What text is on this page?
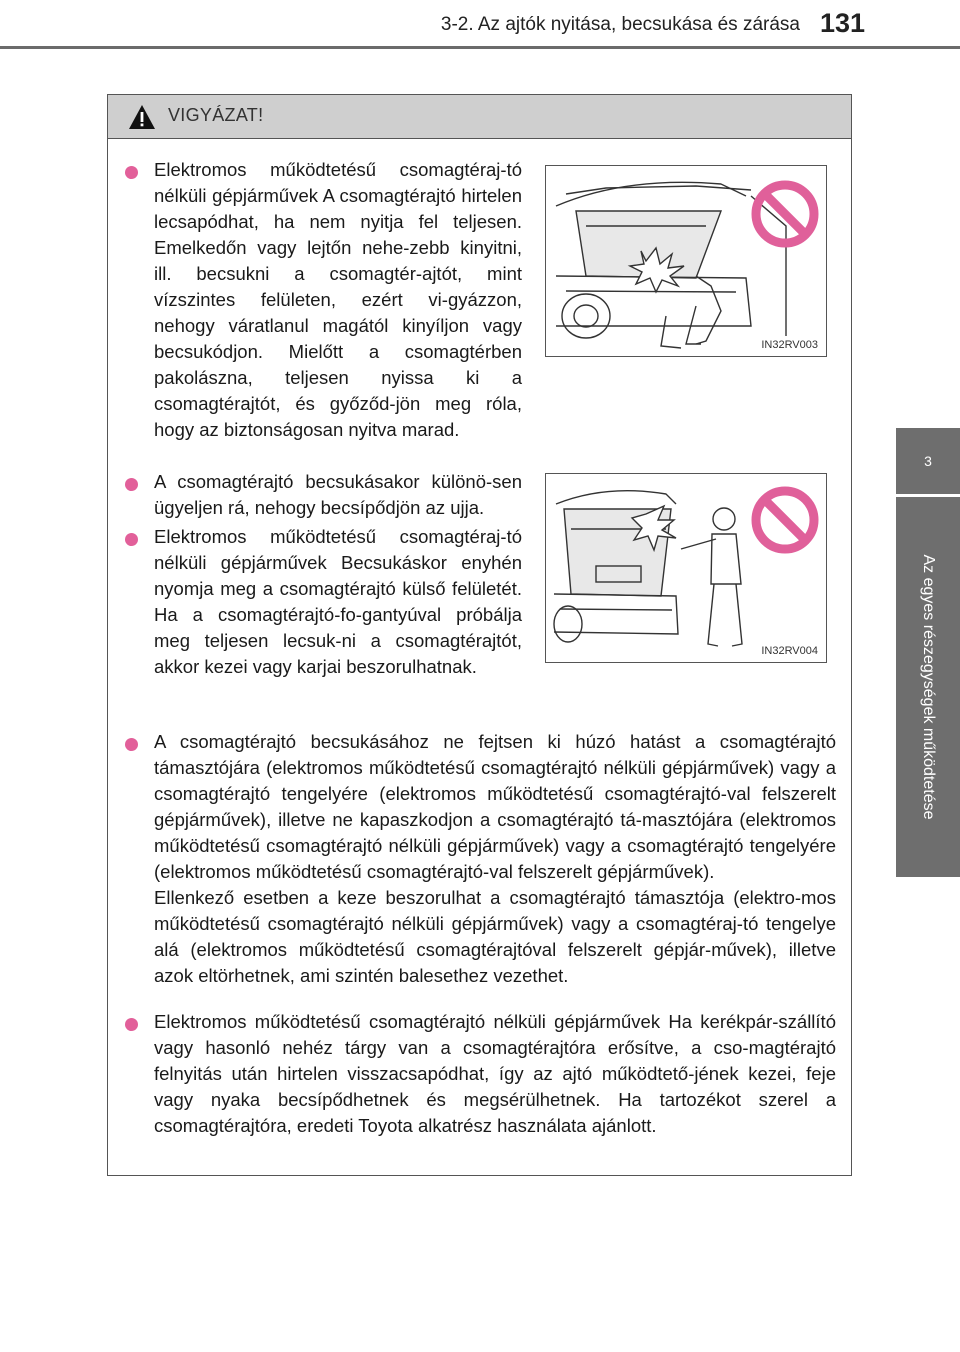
3-2. Az ajtók nyitása, becsukása és zárása 131
3
Az egyes részegységek működtetése
VIGYÁZAT!
Elektromos működtetésű csomagtéraj-tó nélküli gépjárművek A csomagtérajtó hirtelen lecsapódhat, ha nem nyitja fel teljesen. Emelkedőn vagy lejtőn nehe-zebb kinyitni, ill. becsukni a csomagtér-ajtót, mint vízszintes felületen, ezért vi-gyázzon, nehogy váratlanul magától kinyíljon vagy becsukódjon. Mielőtt a csomagtérben pakolászna, teljesen nyissa ki a csomagtérajtót, és győződ-jön meg róla, hogy az biztonságosan nyitva marad.
IN32RV003
A csomagtérajtó becsukásakor különö-sen ügyeljen rá, nehogy becsípődjön az ujja.
IN32RV004
Elektromos működtetésű csomagtéraj-tó nélküli gépjárművek Becsukáskor enyhén nyomja meg a csomagtérajtó külső felületét. Ha a csomagtérajtó-fo-gantyúval próbálja meg teljesen lecsuk-ni a csomagtérajtót, akkor kezei vagy karjai beszorulhatnak.
A csomagtérajtó becsukásához ne fejtsen ki húzó hatást a csomagtérajtó támasztójára (elektromos működtetésű csomagtérajtó nélküli gépjárművek) vagy a csomagtérajtó tengelyére (elektromos működtetésű csomagtérajtó-val felszerelt gépjárművek), illetve ne kapaszkodjon a csomagtérajtó tá-masztójára (elektromos működtetésű csomagtérajtó nélküli gépjárművek) vagy a csomagtérajtó tengelyére (elektromos működtetésű csomagtérajtó-val felszerelt gépjárművek).
Ellenkező esetben a keze beszorulhat a csomagtérajtó támasztója (elektro-mos működtetésű csomagtérajtó nélküli gépjárművek) vagy a csomagtéraj-tó tengelye alá (elektromos működtetésű csomagtérajtóval felszerelt gépjár-művek), illetve azok eltörhetnek, ami szintén balesethez vezethet.
Elektromos működtetésű csomagtérajtó nélküli gépjárművek Ha kerékpár-szállító vagy hasonló nehéz tárgy van a csomagtérajtóra erősítve, a cso-magtérajtó felnyitás után hirtelen visszacsapódhat, így az ajtó működtető-jének kezei, feje vagy nyaka becsípődhetnek és megsérülhetnek. Ha tartozékot szerel a csomagtérajtóra, eredeti Toyota alkatrész használata ajánlott.
